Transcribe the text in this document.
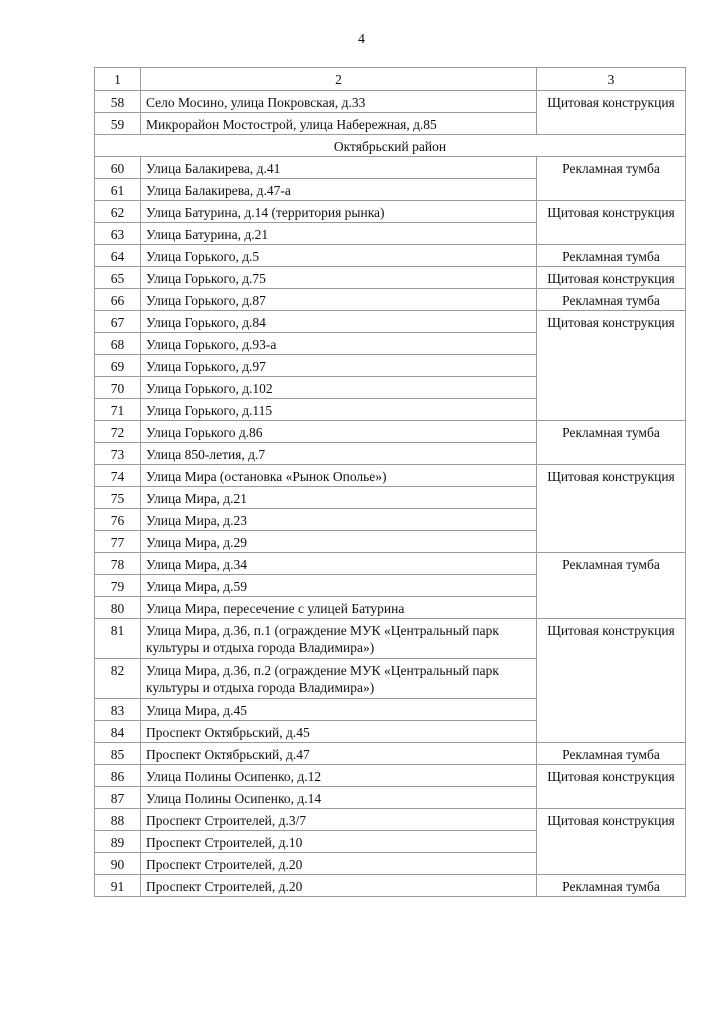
4
1	2	3
58	Село Мосино, улица Покровская, д.33	Щитовая конструкция
59	Микрорайон Мостострой, улица Набережная, д.85	
Октябрьский район		
60	Улица Балакирева, д.41	Рекламная тумба
61	Улица Балакирева, д.47-а	
62	Улица Батурина, д.14 (территория рынка)	Щитовая конструкция
63	Улица Батурина, д.21	
64	Улица Горького, д.5	Рекламная тумба
65	Улица Горького, д.75	Щитовая конструкция
66	Улица Горького, д.87	Рекламная тумба
67	Улица Горького, д.84	Щитовая конструкция
68	Улица Горького, д.93-а	
69	Улица Горького, д.97	
70	Улица Горького, д.102	
71	Улица Горького, д.115	
72	Улица Горького д.86	Рекламная тумба
73	Улица 850-летия, д.7	
74	Улица Мира (остановка «Рынок Ополье»)	Щитовая конструкция
75	Улица Мира, д.21	
76	Улица Мира, д.23	
77	Улица Мира, д.29	
78	Улица Мира, д.34	Рекламная тумба
79	Улица Мира, д.59	
80	Улица Мира, пересечение с улицей Батурина	
81	Улица Мира, д.36, п.1 (ограждение МУК «Центральный парк культуры и отдыха города Владимира»)	Щитовая конструкция
82	Улица Мира, д.36, п.2 (ограждение МУК «Центральный парк культуры и отдыха города Владимира»)	
83	Улица Мира, д.45	
84	Проспект Октябрьский, д.45	
85	Проспект Октябрьский, д.47	Рекламная тумба
86	Улица Полины Осипенко, д.12	Щитовая конструкция
87	Улица Полины Осипенко, д.14	
88	Проспект Строителей, д.3/7	Щитовая конструкция
89	Проспект Строителей, д.10	
90	Проспект Строителей, д.20	
91	Проспект Строителей, д.20	Рекламная тумба
